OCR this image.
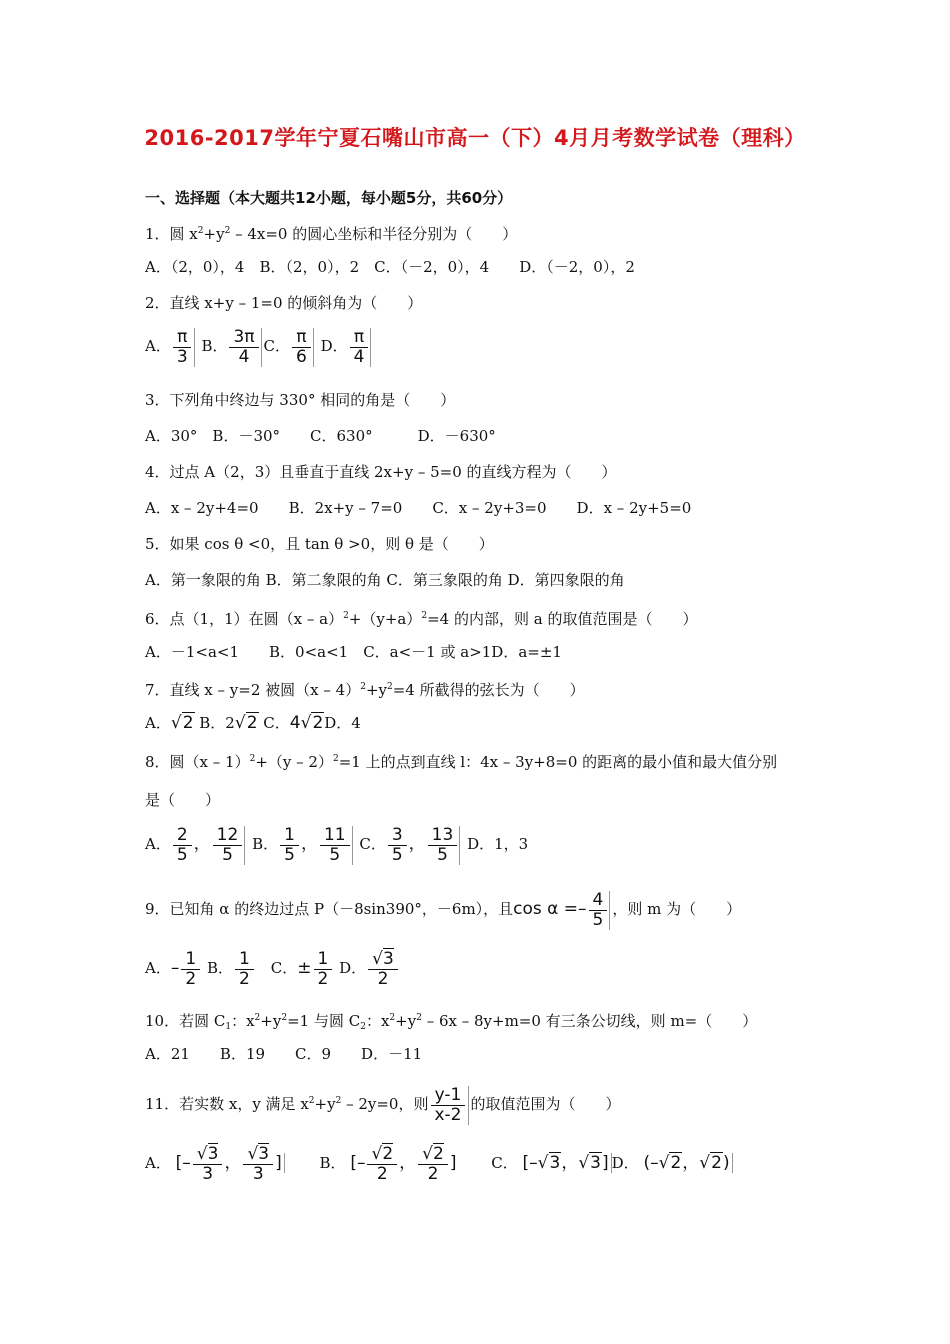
2016-2017学年宁夏石嘴山市高一（下）4月月考数学试卷（理科）
一、选择题（本大题共12小题，每小题5分，共60分）
1．圆 $x^2+y^2 - 4x=0$ 的圆心坐标和半径分别为（　　）
A．（2，0），4　B．（2，0），2　C．（－2，0），4　　D．（－2，0），2
2．直线 x+y – 1=0 的倾斜角为（　　）
A． $\frac{\pi}{3}$ B． $\frac{3\pi}{4}$ C． $\frac{\pi}{6}$ D． $\frac{\pi}{4}$
3．下列角中终边与 330° 相同的角是（　　）
A．30°　B．－30°　　C．630°　　　D．－630°
4．过点 A（2，3）且垂直于直线 2x+y – 5=0 的直线方程为（　　）
A．x – 2y+4=0　　B．2x+y – 7=0　　C．x – 2y+3=0　　D．x – 2y+5=0
5．如果 cos θ <0，且 tan θ >0，则 θ 是（　　）
A．第一象限的角 B．第二象限的角 C．第三象限的角 D．第四象限的角
6．点（1，1）在圆$(x - a)^2+(y+a)^2=4$ 的内部，则 a 的取值范围是（　　）
A．－1<a<1　　B．0<a<1　C．a<－1 或 a>1D．a=±1
7．直线 x – y=2 被圆$(x - 4)^2+y^2=4$ 所截得的弦长为（　　）
A．√2 B．2√2 C．4√2D．4
8．圆（x – 1）$^2$+（y – 2）$^2$=1 上的点到直线 l：4x – 3y+8=0 的距离的最小值和最大值分别
是（　　）
A． $\frac{2}{5}$ ， $\frac{12}{5}$ B． $\frac{1}{5}$ ， $\frac{11}{5}$ C． $\frac{3}{5}$ ， $\frac{13}{5}$ D．1，3
9．已知角 α 的终边过点 P（－8sin390°，－6m），且$\cos \alpha =- \frac{4}{5}$ ，则 m 为（　　）
A．– $\frac{1}{2}$ B． $\frac{1}{2}$ 　C．± $\frac{1}{2}$ D． $\frac{√3}{2}$
10．若圆 $C_1$：$x^2+y^2=1$ 与圆 $C_2$：$x^2+y^2 - 6x - 8y+m=0$ 有三条公切线，则 m=（　　）
A．21　　B．19　　C．9　　D．－11
11．若实数 x，y 满足 $x^2+y^2 - 2y=0$，则 $\frac{y-1}{x-2}$ 的取值范围为（　　）
A． [– $\frac{√3}{3}$ ， $\frac{√3}{3}$ ] 　　B． [– $\frac{√2}{2}$ ， $\frac{√2}{2}$ ] 　　C． [–√3，√3] D． (–√2，√2)
